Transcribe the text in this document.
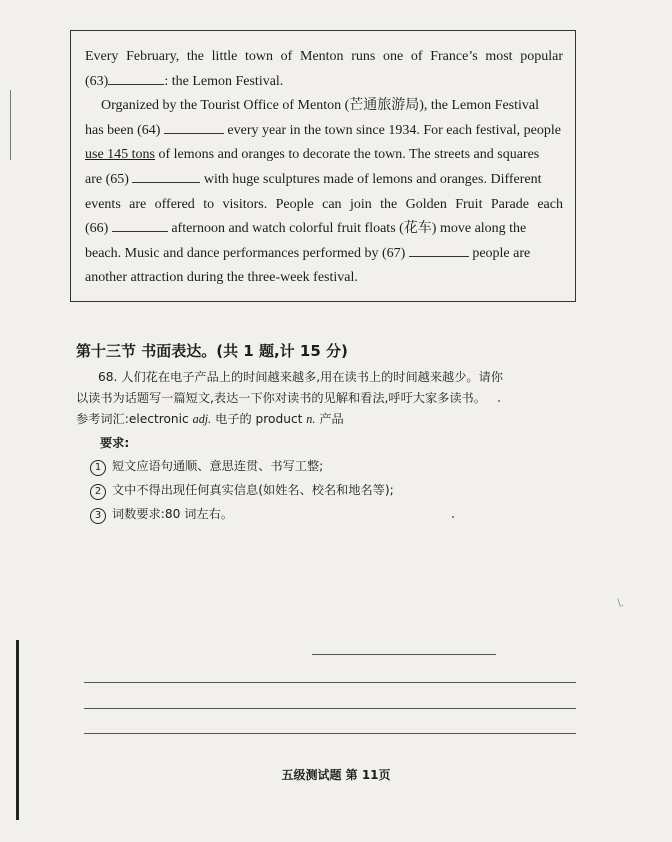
Every February, the little town of Menton runs one of France’s most popular
(63)	: the Lemon Festival.
Organized by the Tourist Office of Menton (芒通旅游局), the Lemon Festival
has been (64)	every year in the town since 1934. For each festival, people
use 145 tons of lemons and oranges to decorate the town. The streets and squares
are (65)	with huge sculptures made of lemons and oranges. Different
events are offered to visitors. People can join the Golden Fruit Parade each
(66)	afternoon and watch colorful fruit floats (花车) move along the
beach. Music and dance performances performed by (67)	people are
another attraction during the three-week festival.
第十三节 书面表达。(共 1 题,计 15 分)

68. 人们花在电子产品上的时间越来越多,用在读书上的时间越来越少。请你
以读书为话题写一篇短文,表达一下你对读书的见解和看法,呼吁大家多读书。

参考词汇:electronic adj. 电子的 product n. 产品
要求:
1 短文应语句通顺、意思连贯、书写工整;
2 文中不得出现任何真实信息(如姓名、校名和地名等);
3 词数要求:80 词左右。
\.
五级测试题 第 11页
